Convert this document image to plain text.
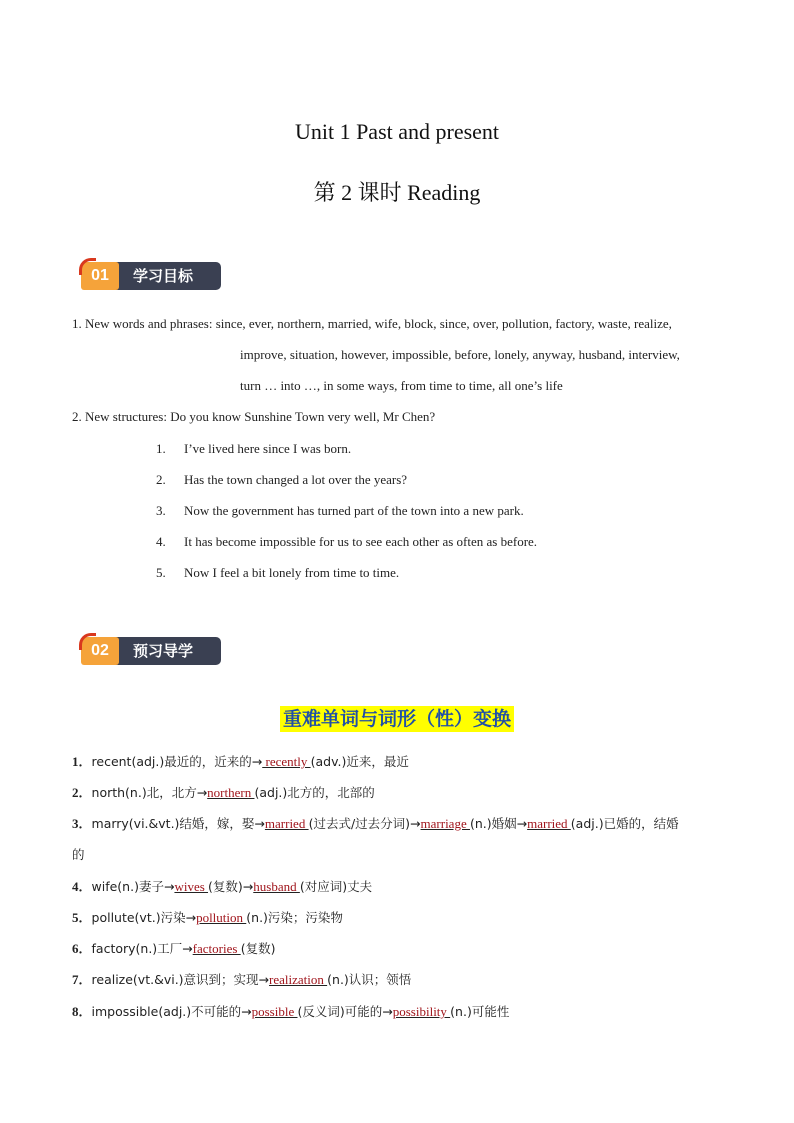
Unit 1 Past and present
第 2 课时 Reading
01	学习目标
1. New words and phrases: since, ever, northern, married, wife, block, since, over, pollution, factory, waste, realize,
improve, situation, however, impossible, before, lonely, anyway, husband, interview,
turn … into …, in some ways, from time to time, all one’s life
2. New structures: Do you know Sunshine Town very well, Mr Chen?
1. I’ve lived here since I was born.
2. Has the town changed a lot over the years?
3. Now the government has turned part of the town into a new park.
4. It has become impossible for us to see each other as often as before.
5. Now I feel a bit lonely from time to time.
02	预习导学
重难单词与词形（性）变换
1．recent(adj.)最近的，近来的→ recently (adv.)近来，最近
2．north(n.)北，北方→northern (adj.)北方的，北部的
3．marry(vi.&vt.)结婚，嫁，娶→married (过去式/过去分词)→marriage (n.)婚姻→married (adj.)已婚的，结婚
的
4．wife(n.)妻子→wives (复数)→husband (对应词)丈夫
5．pollute(vt.)污染→pollution (n.)污染；污染物
6．factory(n.)工厂→factories (复数)
7．realize(vt.&vi.)意识到；实现→realization (n.)认识；领悟
8．impossible(adj.)不可能的→possible (反义词)可能的→possibility (n.)可能性
